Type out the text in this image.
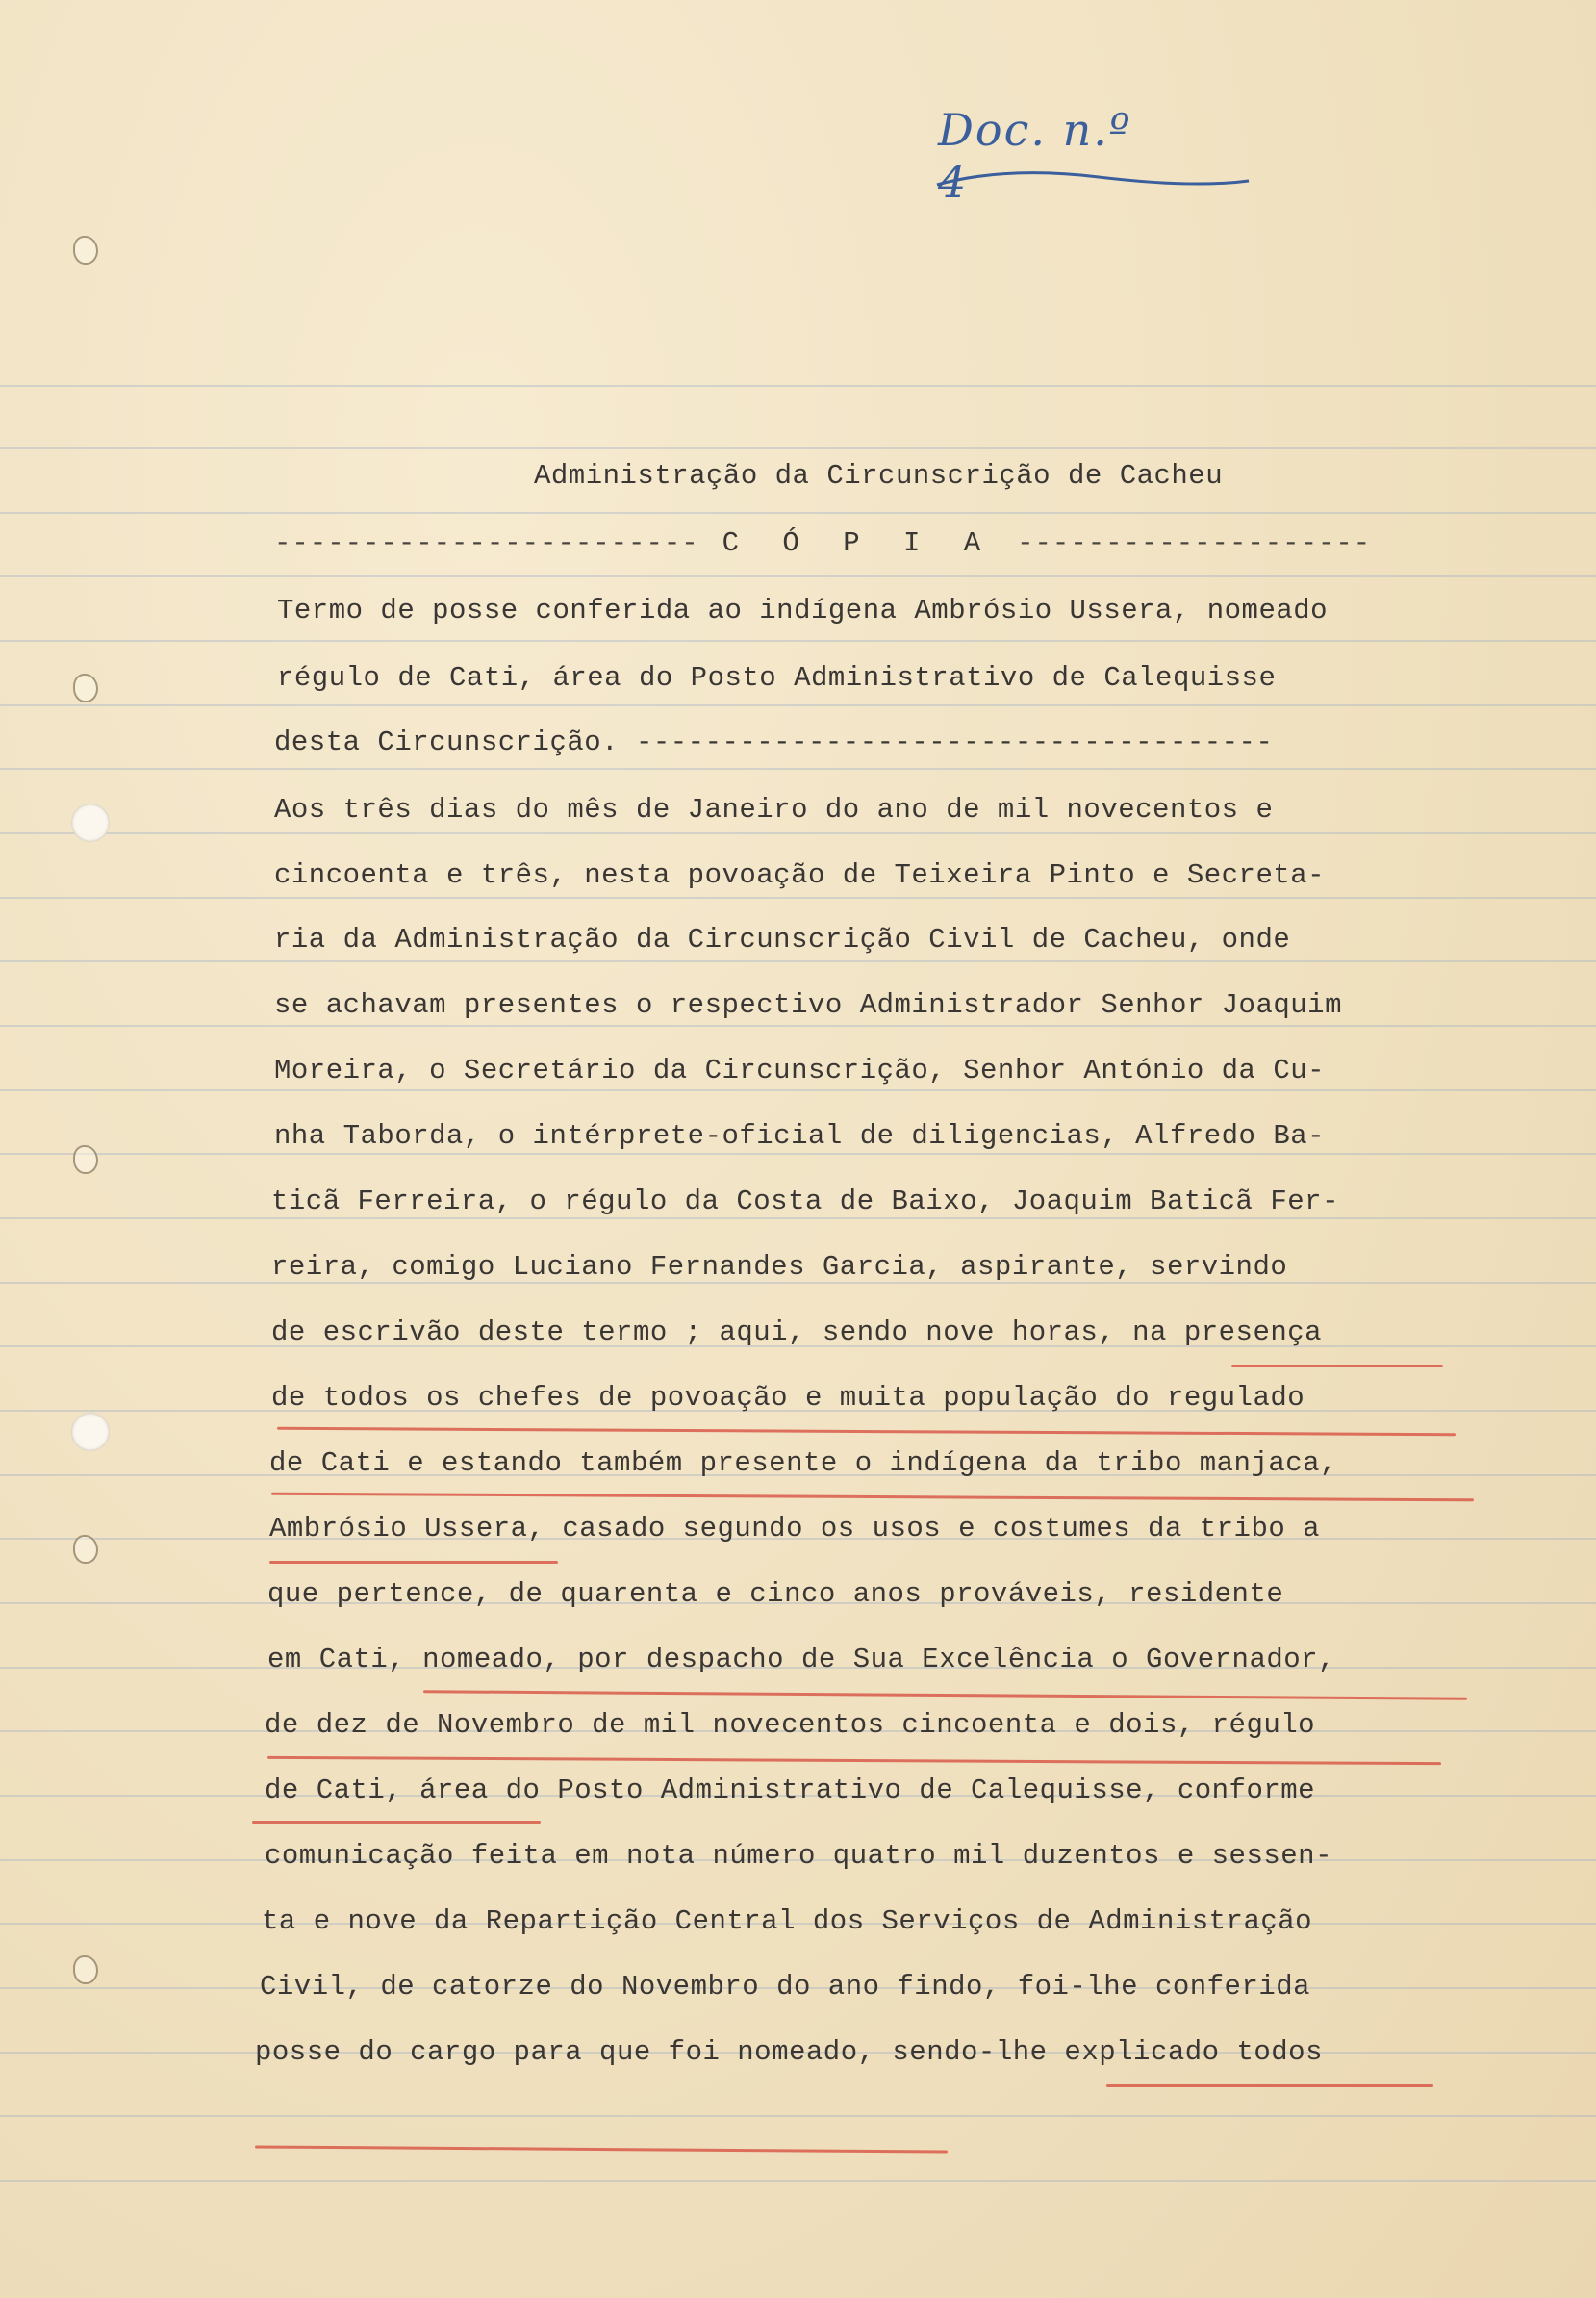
Doc. n.º 4
Administração da Circunscrição de Cacheu
------------------------ C Ó P I A --------------------
Termo de posse conferida ao indígena Ambrósio Ussera, nomeado
régulo de Cati, área do Posto Administrativo de Calequisse
desta Circunscrição. -------------------------------------
Aos três dias do mês de Janeiro do ano de mil novecentos e
cincoenta e três, nesta povoação de Teixeira Pinto e Secreta-
ria da Administração da Circunscrição Civil de Cacheu, onde
se achavam presentes o respectivo Administrador Senhor Joaquim
Moreira, o Secretário da Circunscrição, Senhor António da Cu-
nha Taborda, o intérprete-oficial de diligencias, Alfredo Ba-
ticã Ferreira, o régulo da Costa de Baixo, Joaquim Baticã Fer-
reira, comigo Luciano Fernandes Garcia, aspirante, servindo
de escrivão deste termo ; aqui, sendo nove horas, na presença
de todos os chefes de povoação e muita população do regulado
de Cati e estando também presente o indígena da tribo manjaca,
Ambrósio Ussera, casado segundo os usos e costumes da tribo a
que pertence, de quarenta e cinco anos prováveis, residente
em Cati, nomeado, por despacho de Sua Excelência o Governador,
de dez de Novembro de mil novecentos cincoenta e dois, régulo
de Cati, área do Posto Administrativo de Calequisse, conforme
comunicação feita em nota número quatro mil duzentos e sessen-
ta e nove da Repartição Central dos Serviços de Administração
Civil, de catorze do Novembro do ano findo, foi-lhe conferida
posse do cargo para que foi nomeado, sendo-lhe explicado todos
